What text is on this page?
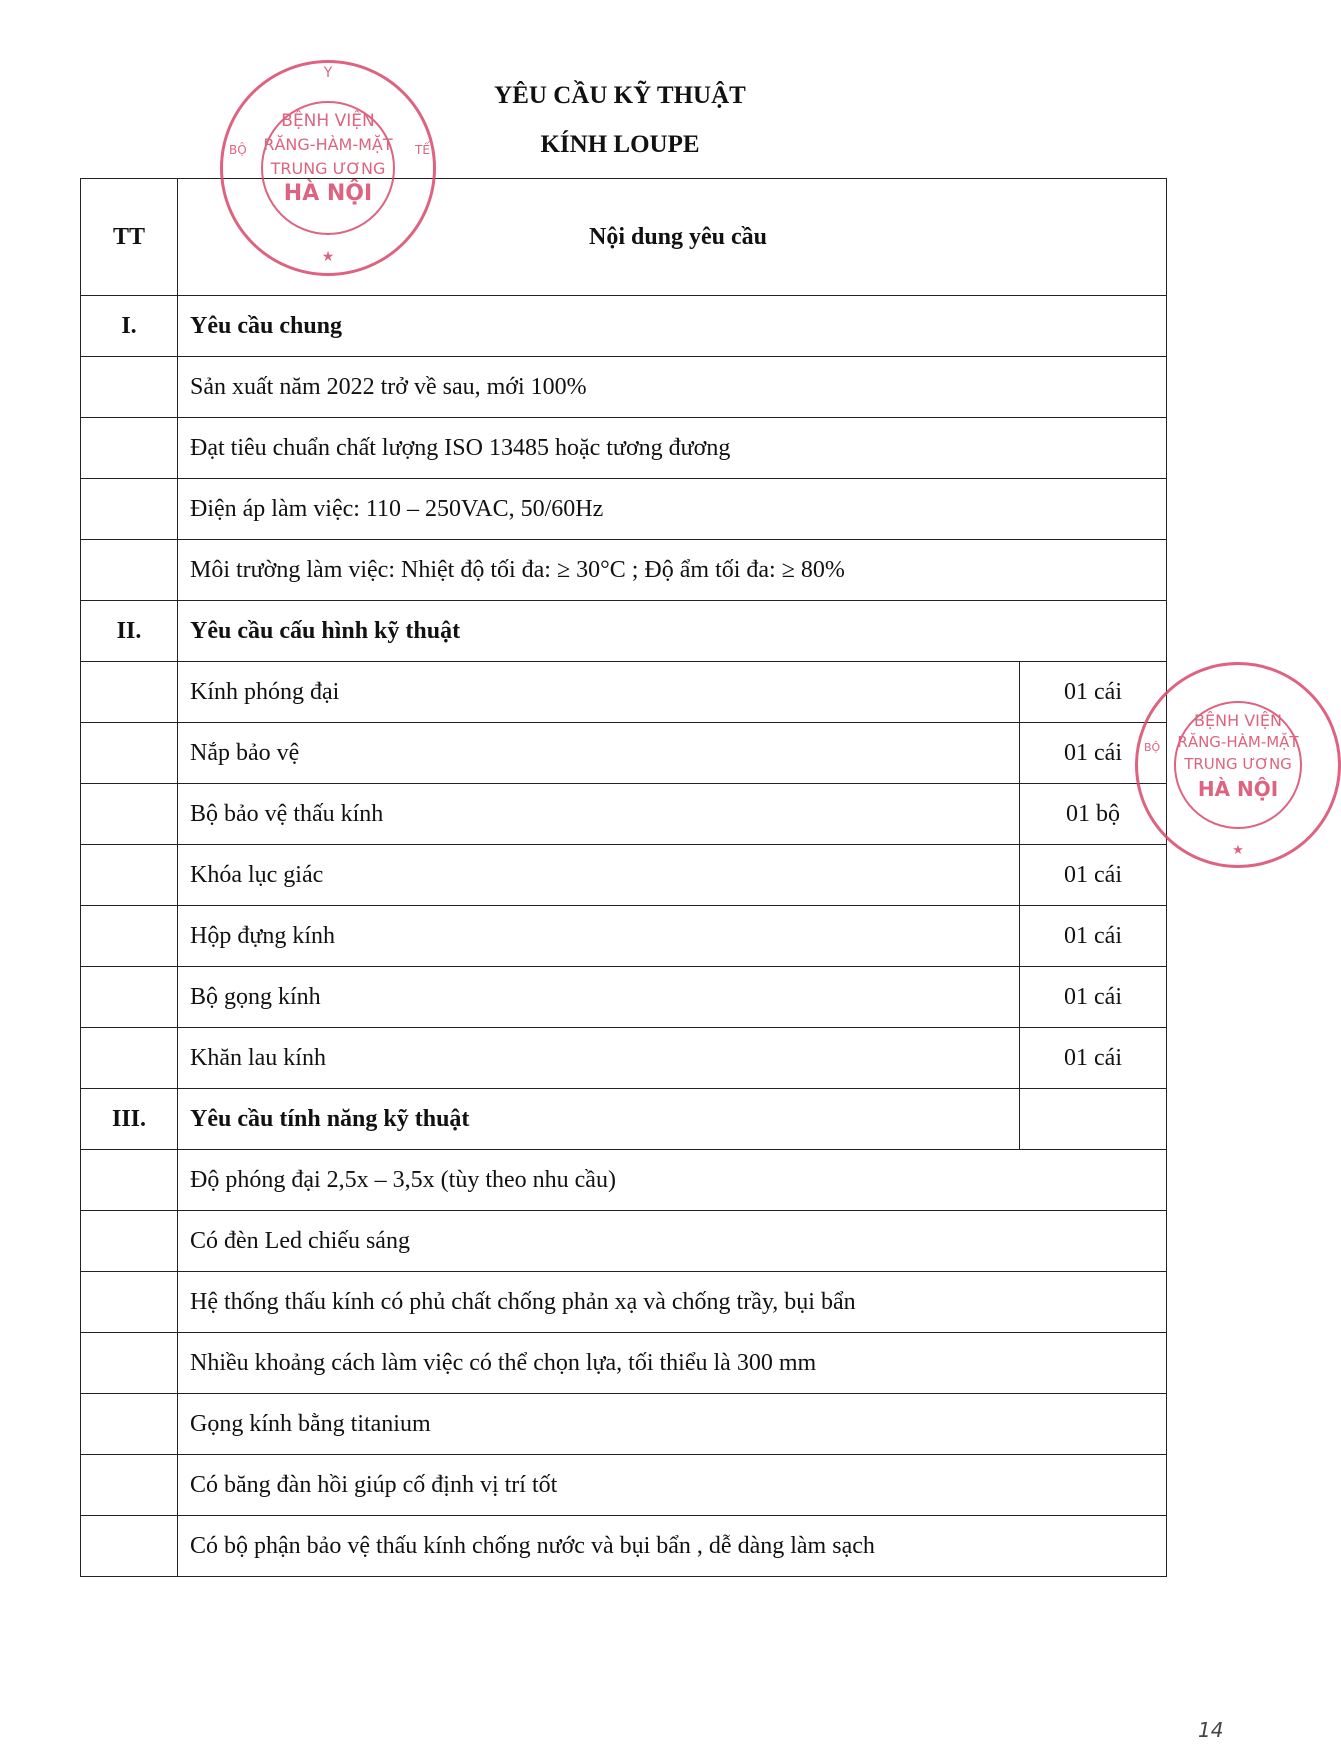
YÊU CẦU KỸ THUẬT
KÍNH LOUPE
TT	Nội dung yêu cầu	
I.	Yêu cầu chung	
	Sản xuất năm 2022 trở về sau, mới 100%	
	Đạt tiêu chuẩn chất lượng ISO 13485 hoặc tương đương	
	Điện áp làm việc: 110 – 250VAC, 50/60Hz	
	Môi trường làm việc: Nhiệt độ tối đa: ≥ 30°C ; Độ ẩm tối đa: ≥ 80%	
II.	Yêu cầu cấu hình kỹ thuật	
	Kính phóng đại	01 cái
	Nắp bảo vệ	01 cái
	Bộ bảo vệ thấu kính	01 bộ
	Khóa lục giác	01 cái
	Hộp đựng kính	01 cái
	Bộ gọng kính	01 cái
	Khăn lau kính	01 cái
III.	Yêu cầu tính năng kỹ thuật	
	Độ phóng đại 2,5x – 3,5x (tùy theo nhu cầu)	
	Có đèn Led chiếu sáng	
	Hệ thống thấu kính có phủ chất chống phản xạ và chống trầy, bụi bẩn	
	Nhiều khoảng cách làm việc có thể chọn lựa, tối thiểu là 300 mm	
	Gọng kính bằng titanium	
	Có băng đàn hồi giúp cố định vị trí tốt	
	Có bộ phận bảo vệ thấu kính chống nước và bụi bẩn , dễ dàng làm sạch	
Y
BỆNH VIỆN
RĂNG-HÀM-MẶT
TRUNG ƯƠNG
HÀ NỘI
★
BỘ	TẾ
BỆNH VIỆN
RĂNG-HÀM-MẶT
TRUNG ƯƠNG
HÀ NỘI
★
BỘ
14
